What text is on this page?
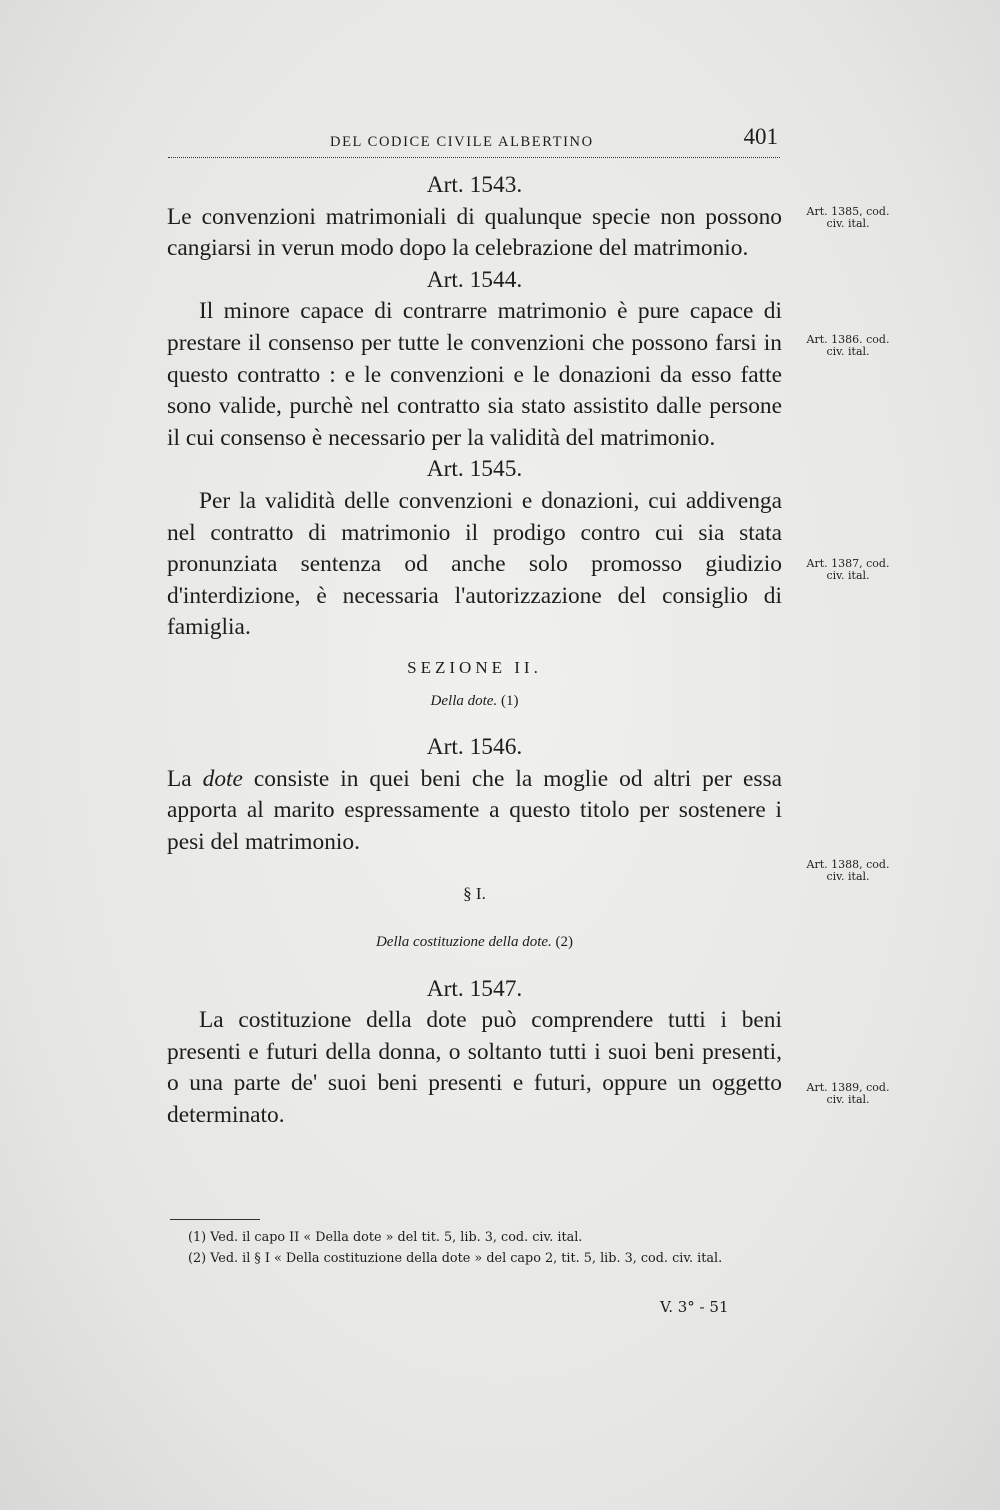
DEL CODICE CIVILE ALBERTINO	401

Art. 1543.

Le convenzioni matrimoniali di qualunque specie non possono cangiarsi in verun modo dopo la celebrazione del matrimonio.

Art. 1544.

Il minore capace di contrarre matrimonio è pure capace di prestare il consenso per tutte le convenzioni che possono farsi in questo contratto : e le convenzioni e le donazioni da esso fatte sono valide, purchè nel contratto sia stato assistito dalle persone il cui consenso è necessario per la validità del matrimonio.

Art. 1545.

Per la validità delle convenzioni e donazioni, cui addivenga nel contratto di matrimonio il prodigo contro cui sia stata pronunziata sentenza od anche solo promosso giudizio d'interdizione, è necessaria l'autorizzazione del consiglio di famiglia.

SEZIONE II.

Della dote. (1)

Art. 1546.

La dote consiste in quei beni che la moglie od altri per essa apporta al marito espressamente a questo titolo per sostenere i pesi del matrimonio.

§ I.

Della costituzione della dote. (2)

Art. 1547.

La costituzione della dote può comprendere tutti i beni presenti e futuri della donna, o soltanto tutti i suoi beni presenti, o una parte de' suoi beni presenti e futuri, oppure un oggetto determinato.

Art. 1385, cod. civ. ital.
Art. 1386. cod. civ. ital.
Art. 1387, cod. civ. ital.
Art. 1388, cod. civ. ital.
Art. 1389, cod. civ. ital.

(1) Ved. il capo II « Della dote » del tit. 5, lib. 3, cod. civ. ital.

(2) Ved. il § I « Della costituzione della dote » del capo 2, tit. 5, lib. 3, cod. civ. ital.

V. 3° - 51
